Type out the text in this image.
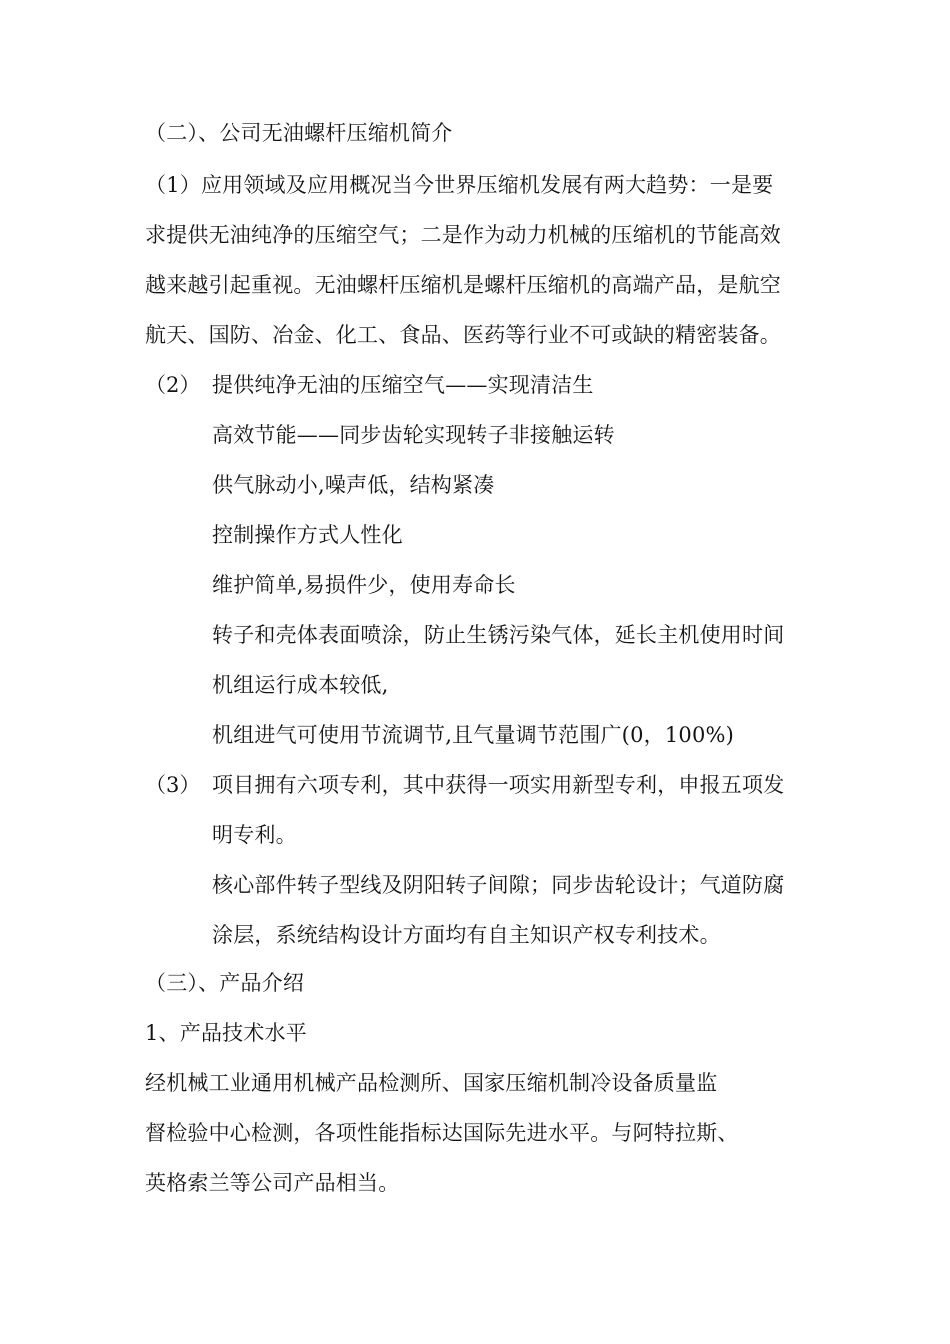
（二）、公司无油螺杆压缩机简介
（1）应用领域及应用概况当今世界压缩机发展有两大趋势：一是要
求提供无油纯净的压缩空气；二是作为动力机械的压缩机的节能高效
越来越引起重视。无油螺杆压缩机是螺杆压缩机的高端产品，是航空
航天、国防、冶金、化工、食品、医药等行业不可或缺的精密装备。
（2） 提供纯净无油的压缩空气——实现清洁生
高效节能——同步齿轮实现转子非接触运转
供气脉动小,噪声低，结构紧凑
控制操作方式人性化
维护简单,易损件少，使用寿命长
转子和壳体表面喷涂，防止生锈污染气体，延长主机使用时间
机组运行成本较低,
机组进气可使用节流调节,且气量调节范围广(0，100%)
（3） 项目拥有六项专利，其中获得一项实用新型专利，申报五项发
明专利。
核心部件转子型线及阴阳转子间隙；同步齿轮设计；气道防腐
涂层，系统结构设计方面均有自主知识产权专利技术。
（三）、产品介绍
1、产品技术水平
经机械工业通用机械产品检测所、国家压缩机制冷设备质量监
督检验中心检测，各项性能指标达国际先进水平。与阿特拉斯、
英格索兰等公司产品相当。
